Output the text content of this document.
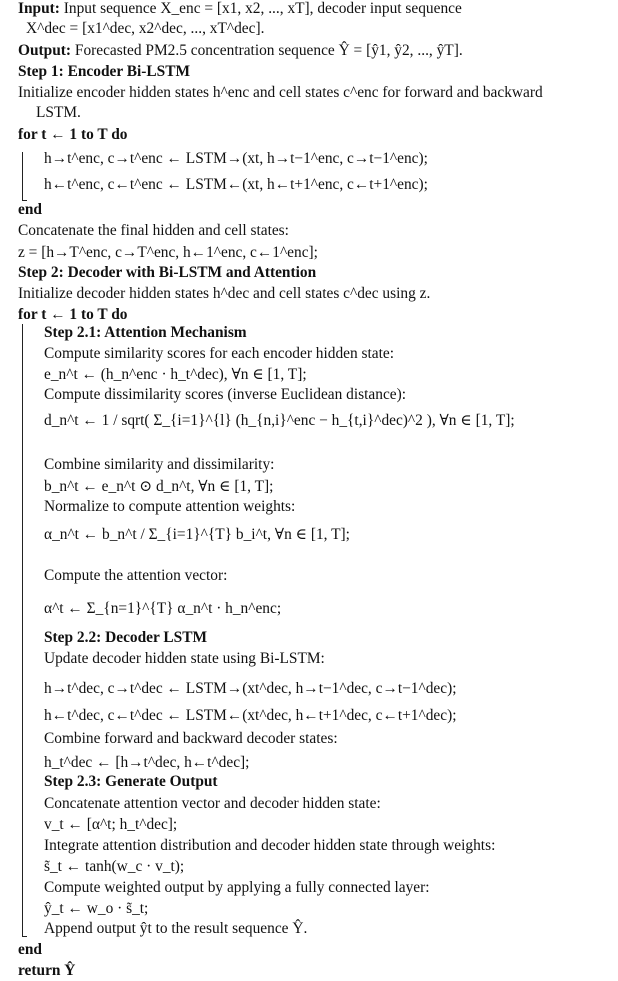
Input: Input sequence X_enc = [x1, x2, ..., xT], decoder input sequence
X^dec = [x1^dec, x2^dec, ..., xT^dec].
Output: Forecasted PM2.5 concentration sequence Ŷ = [ŷ1, ŷ2, ..., ŷT].
Step 1: Encoder Bi-LSTM
Initialize encoder hidden states h^enc and cell states c^enc for forward and backward
LSTM.
for t ← 1 to T do
h→t^enc, c→t^enc ← LSTM→(xt, h→t−1^enc, c→t−1^enc);
h←t^enc, c←t^enc ← LSTM←(xt, h←t+1^enc, c←t+1^enc);
end
Concatenate the final hidden and cell states:
z = [h→T^enc, c→T^enc, h←1^enc, c←1^enc];
Step 2: Decoder with Bi-LSTM and Attention
Initialize decoder hidden states h^dec and cell states c^dec using z.
for t ← 1 to T do
Step 2.1: Attention Mechanism
Compute similarity scores for each encoder hidden state:
e_n^t ← (h_n^enc · h_t^dec), ∀n ∈ [1, T];
Compute dissimilarity scores (inverse Euclidean distance):
d_n^t ← 1 / sqrt( Σ_{i=1}^{l} (h_{n,i}^enc − h_{t,i}^dec)^2 ), ∀n ∈ [1, T];
Combine similarity and dissimilarity:
b_n^t ← e_n^t ⊙ d_n^t, ∀n ∈ [1, T];
Normalize to compute attention weights:
α_n^t ← b_n^t / Σ_{i=1}^{T} b_i^t, ∀n ∈ [1, T];
Compute the attention vector:
α^t ← Σ_{n=1}^{T} α_n^t · h_n^enc;
Step 2.2: Decoder LSTM
Update decoder hidden state using Bi-LSTM:
h→t^dec, c→t^dec ← LSTM→(xt^dec, h→t−1^dec, c→t−1^dec);
h←t^dec, c←t^dec ← LSTM←(xt^dec, h←t+1^dec, c←t+1^dec);
Combine forward and backward decoder states:
h_t^dec ← [h→t^dec, h←t^dec];
Step 2.3: Generate Output
Concatenate attention vector and decoder hidden state:
v_t ← [α^t; h_t^dec];
Integrate attention distribution and decoder hidden state through weights:
s̃_t ← tanh(w_c · v_t);
Compute weighted output by applying a fully connected layer:
ŷ_t ← w_o · s̃_t;
Append output ŷt to the result sequence Ŷ.
end
return Ŷ
